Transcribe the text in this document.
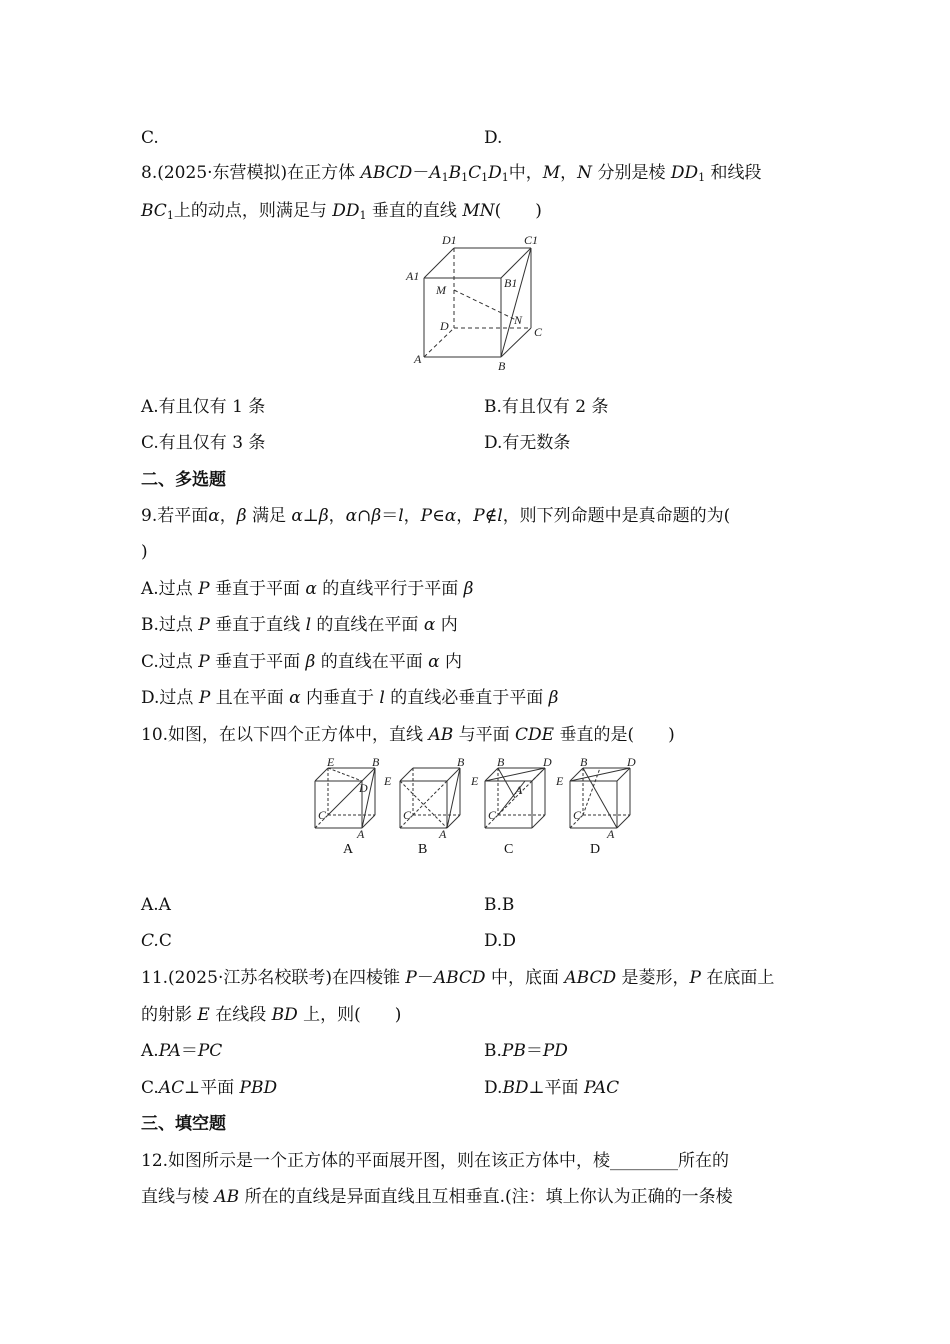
C.	D.
8.(2025·东营模拟)在正方体 $ABCD-A_1B_1C_1D_1$中，M，N 分别是棱 $DD_1$ 和线段
$BC_1$上的动点，则满足与 $DD_1$ 垂直的直线 MN(　　)
D1	C1
A1	B1
M
D	N
C
A	B
A.有且仅有 1 条	B.有且仅有 2 条
C.有且仅有 3 条	D.有无数条
二、多选题
9.若平面α，β 满足 α⊥β，α∩β＝l，P∈α，P∉l，则下列命题中是真命题的为(
)
A.过点 P 垂直于平面 α 的直线平行于平面 β
B.过点 P 垂直于直线 l 的直线在平面 α 内
C.过点 P 垂直于平面 β 的直线在平面 α 内
D.过点 P 且在平面 α 内垂直于 l 的直线必垂直于平面 β
10.如图，在以下四个正方体中，直线 AB 与平面 CDE 垂直的是(　　)
E	B
D
C
A
E
B
C
A
E
B	D
A
C
E
B	D
C
A
A	B	C	D
A.A	B.B
C.C	D.D
11.(2025·江苏名校联考)在四棱锥 P－ABCD 中，底面 ABCD 是菱形，P 在底面上
的射影 E 在线段 BD 上，则(　　)
A.PA＝PC	B.PB＝PD
C.AC⊥平面 PBD	D.BD⊥平面 PAC
三、填空题
12.如图所示是一个正方体的平面展开图，则在该正方体中，棱________所在的
直线与棱 AB 所在的直线是异面直线且互相垂直.(注：填上你认为正确的一条棱
